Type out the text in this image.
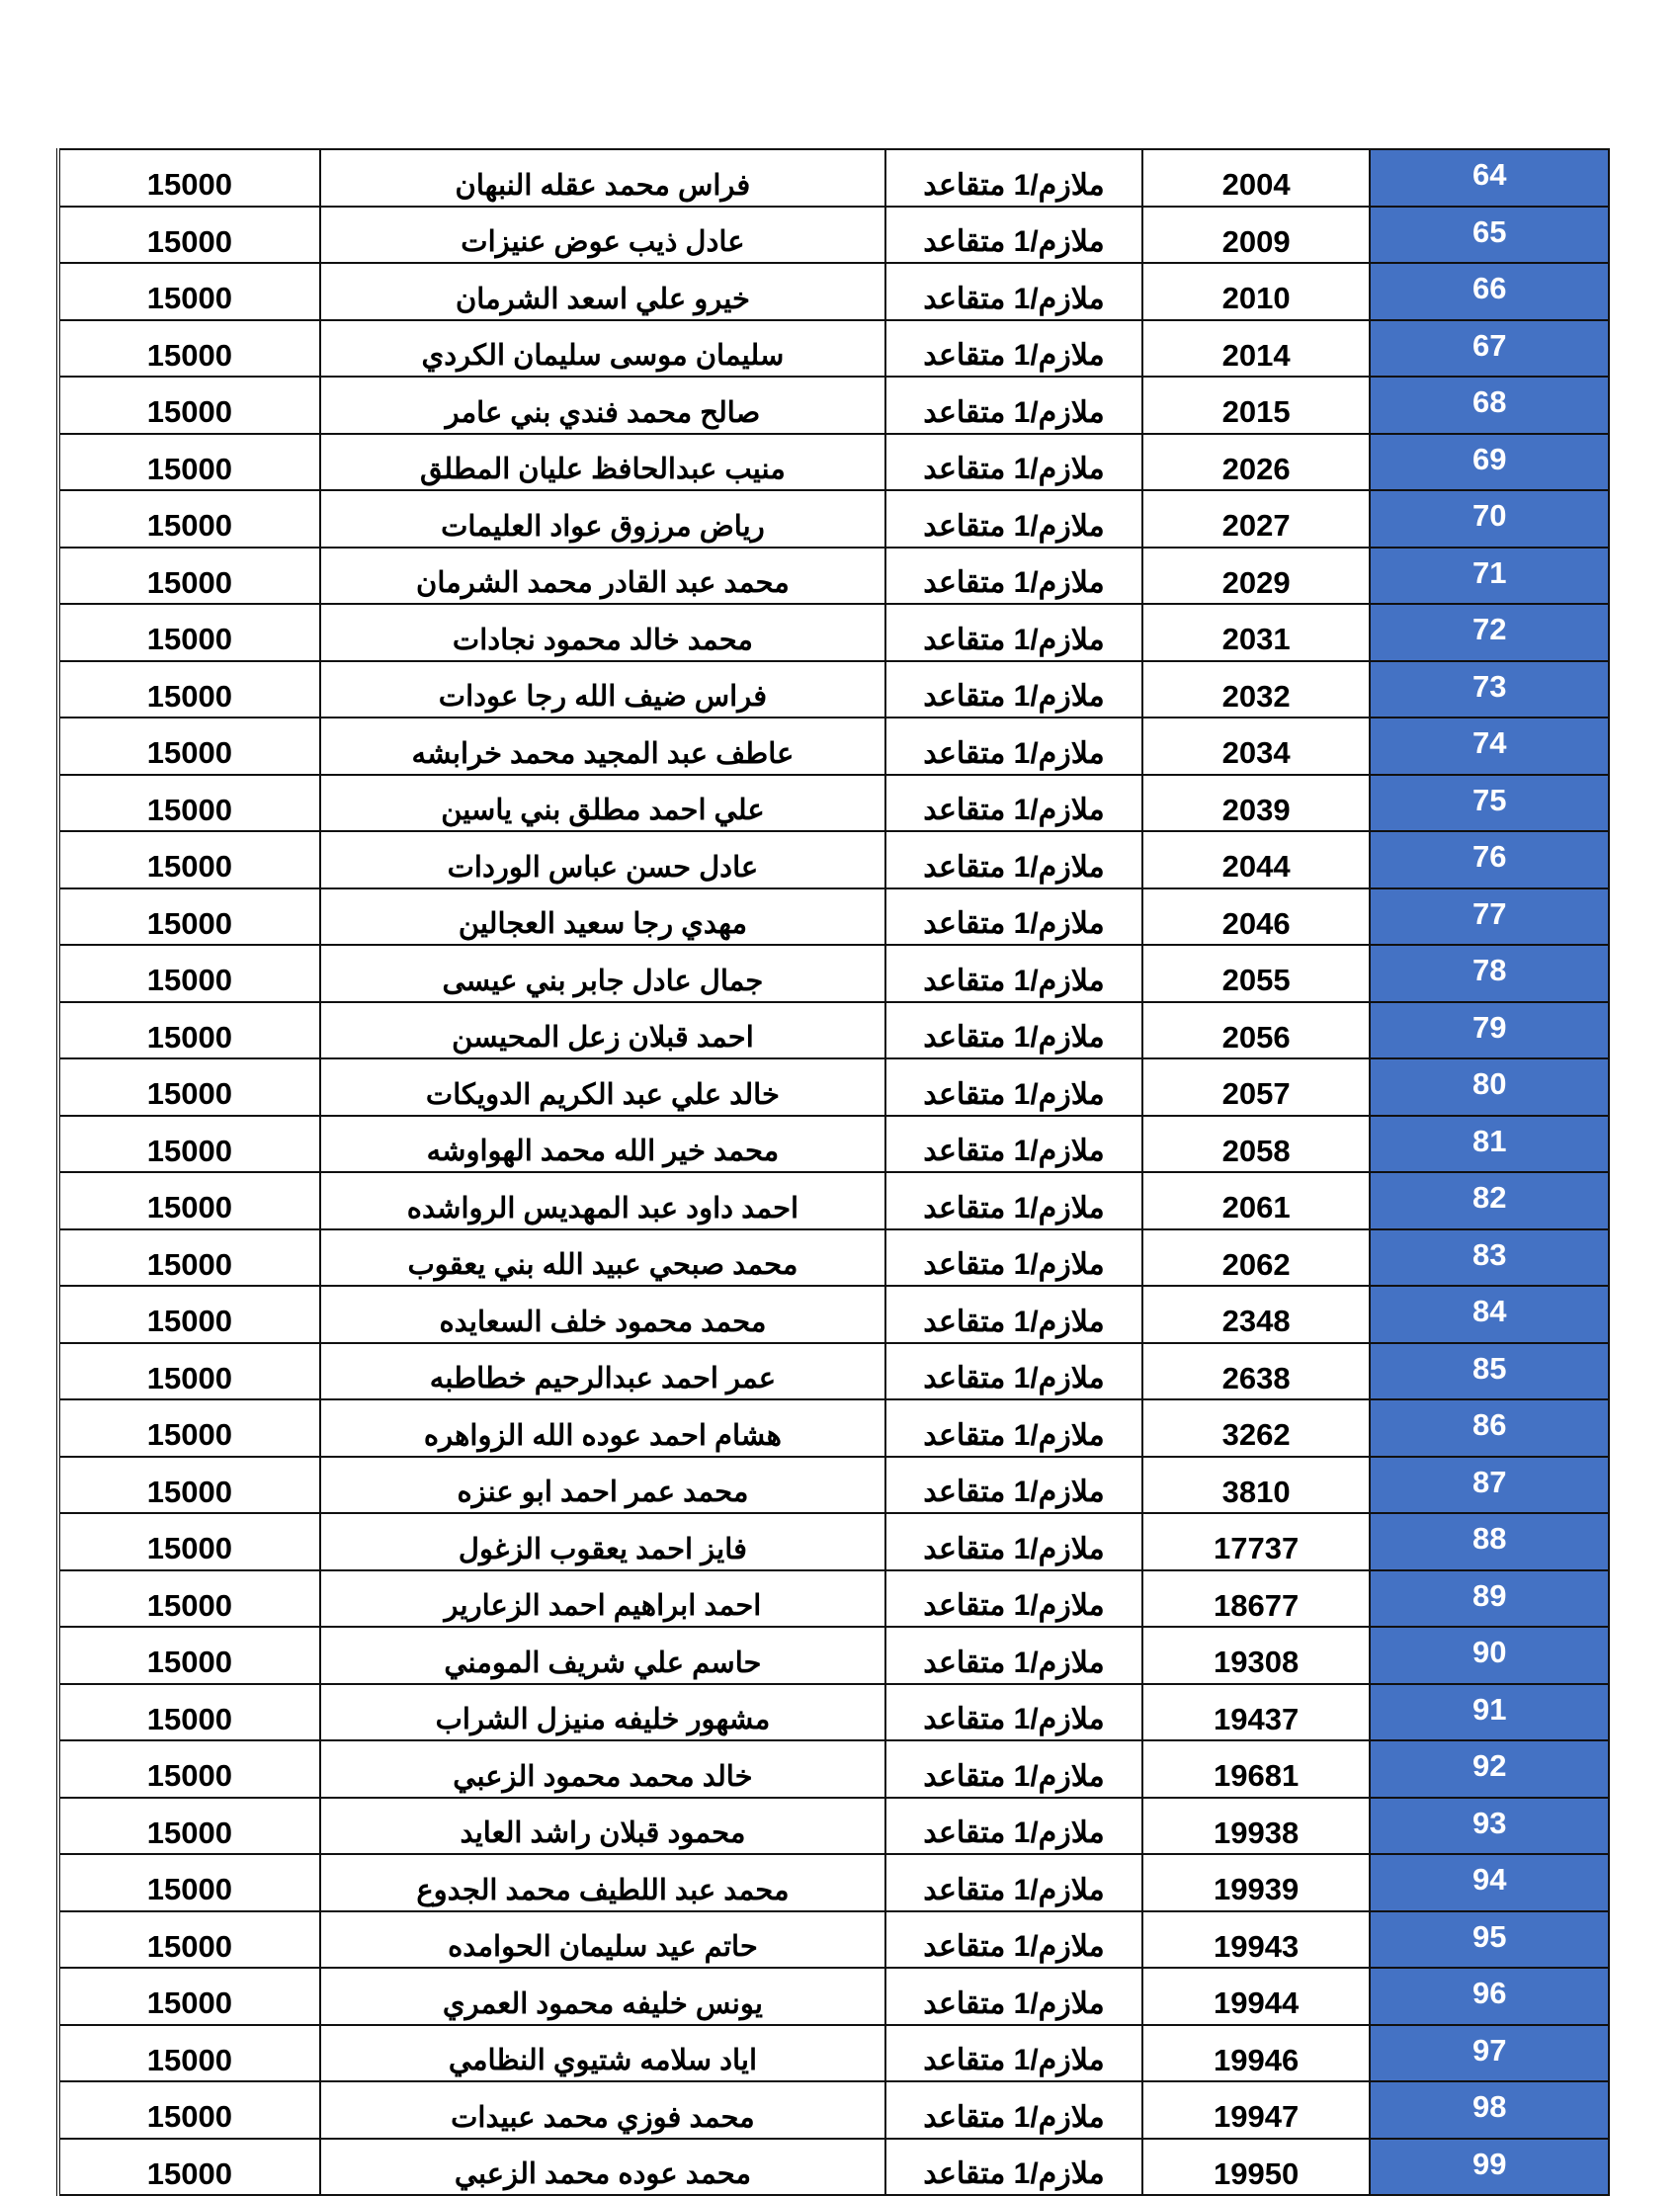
64	2004	ملازم/1 متقاعد	فراس محمد عقله النبهان	15000
65	2009	ملازم/1 متقاعد	عادل ذيب عوض عنيزات	15000
66	2010	ملازم/1 متقاعد	خيرو علي اسعد الشرمان	15000
67	2014	ملازم/1 متقاعد	سليمان موسى سليمان الكردي	15000
68	2015	ملازم/1 متقاعد	صالح محمد فندي بني عامر	15000
69	2026	ملازم/1 متقاعد	منيب عبدالحافظ عليان المطلق	15000
70	2027	ملازم/1 متقاعد	رياض مرزوق عواد العليمات	15000
71	2029	ملازم/1 متقاعد	محمد عبد القادر محمد الشرمان	15000
72	2031	ملازم/1 متقاعد	محمد خالد محمود نجادات	15000
73	2032	ملازم/1 متقاعد	فراس ضيف الله رجا عودات	15000
74	2034	ملازم/1 متقاعد	عاطف عبد المجيد محمد خرابشه	15000
75	2039	ملازم/1 متقاعد	علي احمد مطلق بني ياسين	15000
76	2044	ملازم/1 متقاعد	عادل حسن عباس الوردات	15000
77	2046	ملازم/1 متقاعد	مهدي رجا سعيد العجالين	15000
78	2055	ملازم/1 متقاعد	جمال عادل جابر بني عيسى	15000
79	2056	ملازم/1 متقاعد	احمد قبلان زعل المحيسن	15000
80	2057	ملازم/1 متقاعد	خالد علي عبد الكريم الدويكات	15000
81	2058	ملازم/1 متقاعد	محمد خير الله محمد الهواوشه	15000
82	2061	ملازم/1 متقاعد	احمد داود عبد المهديس الرواشده	15000
83	2062	ملازم/1 متقاعد	محمد صبحي عبيد الله بني يعقوب	15000
84	2348	ملازم/1 متقاعد	محمد محمود خلف السعايده	15000
85	2638	ملازم/1 متقاعد	عمر احمد عبدالرحيم خطاطبه	15000
86	3262	ملازم/1 متقاعد	هشام احمد عوده الله الزواهره	15000
87	3810	ملازم/1 متقاعد	محمد عمر احمد ابو عنزه	15000
88	17737	ملازم/1 متقاعد	فايز احمد يعقوب الزغول	15000
89	18677	ملازم/1 متقاعد	احمد ابراهيم احمد الزعارير	15000
90	19308	ملازم/1 متقاعد	حاسم علي شريف المومني	15000
91	19437	ملازم/1 متقاعد	مشهور خليفه منيزل الشراب	15000
92	19681	ملازم/1 متقاعد	خالد محمد محمود الزعبي	15000
93	19938	ملازم/1 متقاعد	محمود قبلان راشد العايد	15000
94	19939	ملازم/1 متقاعد	محمد عبد اللطيف محمد الجدوع	15000
95	19943	ملازم/1 متقاعد	حاتم عيد سليمان الحوامده	15000
96	19944	ملازم/1 متقاعد	يونس خليفه محمود العمري	15000
97	19946	ملازم/1 متقاعد	اياد سلامه شتيوي النظامي	15000
98	19947	ملازم/1 متقاعد	محمد فوزي محمد عبيدات	15000
99	19950	ملازم/1 متقاعد	محمد عوده محمد الزعبي	15000
